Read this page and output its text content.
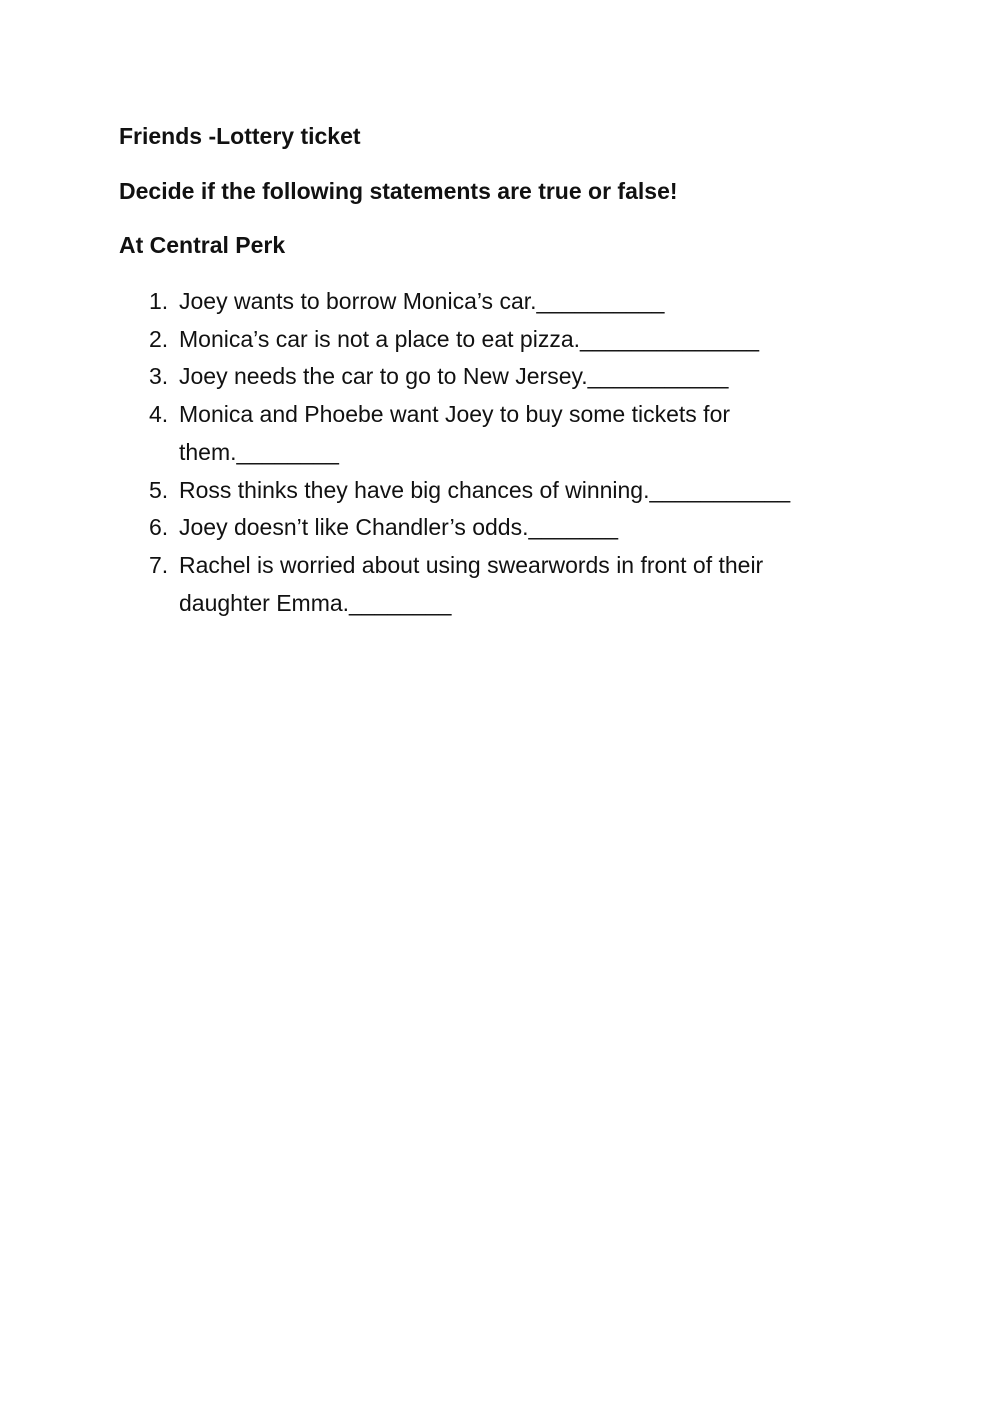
Friends -Lottery ticket
Decide if the following statements are true or false!
At Central Perk
1. Joey wants to borrow Monica’s car.__________
2. Monica’s car is not a place to eat pizza.______________
3. Joey needs the car to go to New Jersey.___________
4. Monica and Phoebe want Joey to buy some tickets for
them.________
5. Ross thinks they have big chances of winning.___________
6. Joey doesn’t like Chandler’s odds._______
7. Rachel is worried about using swearwords in front of their
daughter Emma.________
